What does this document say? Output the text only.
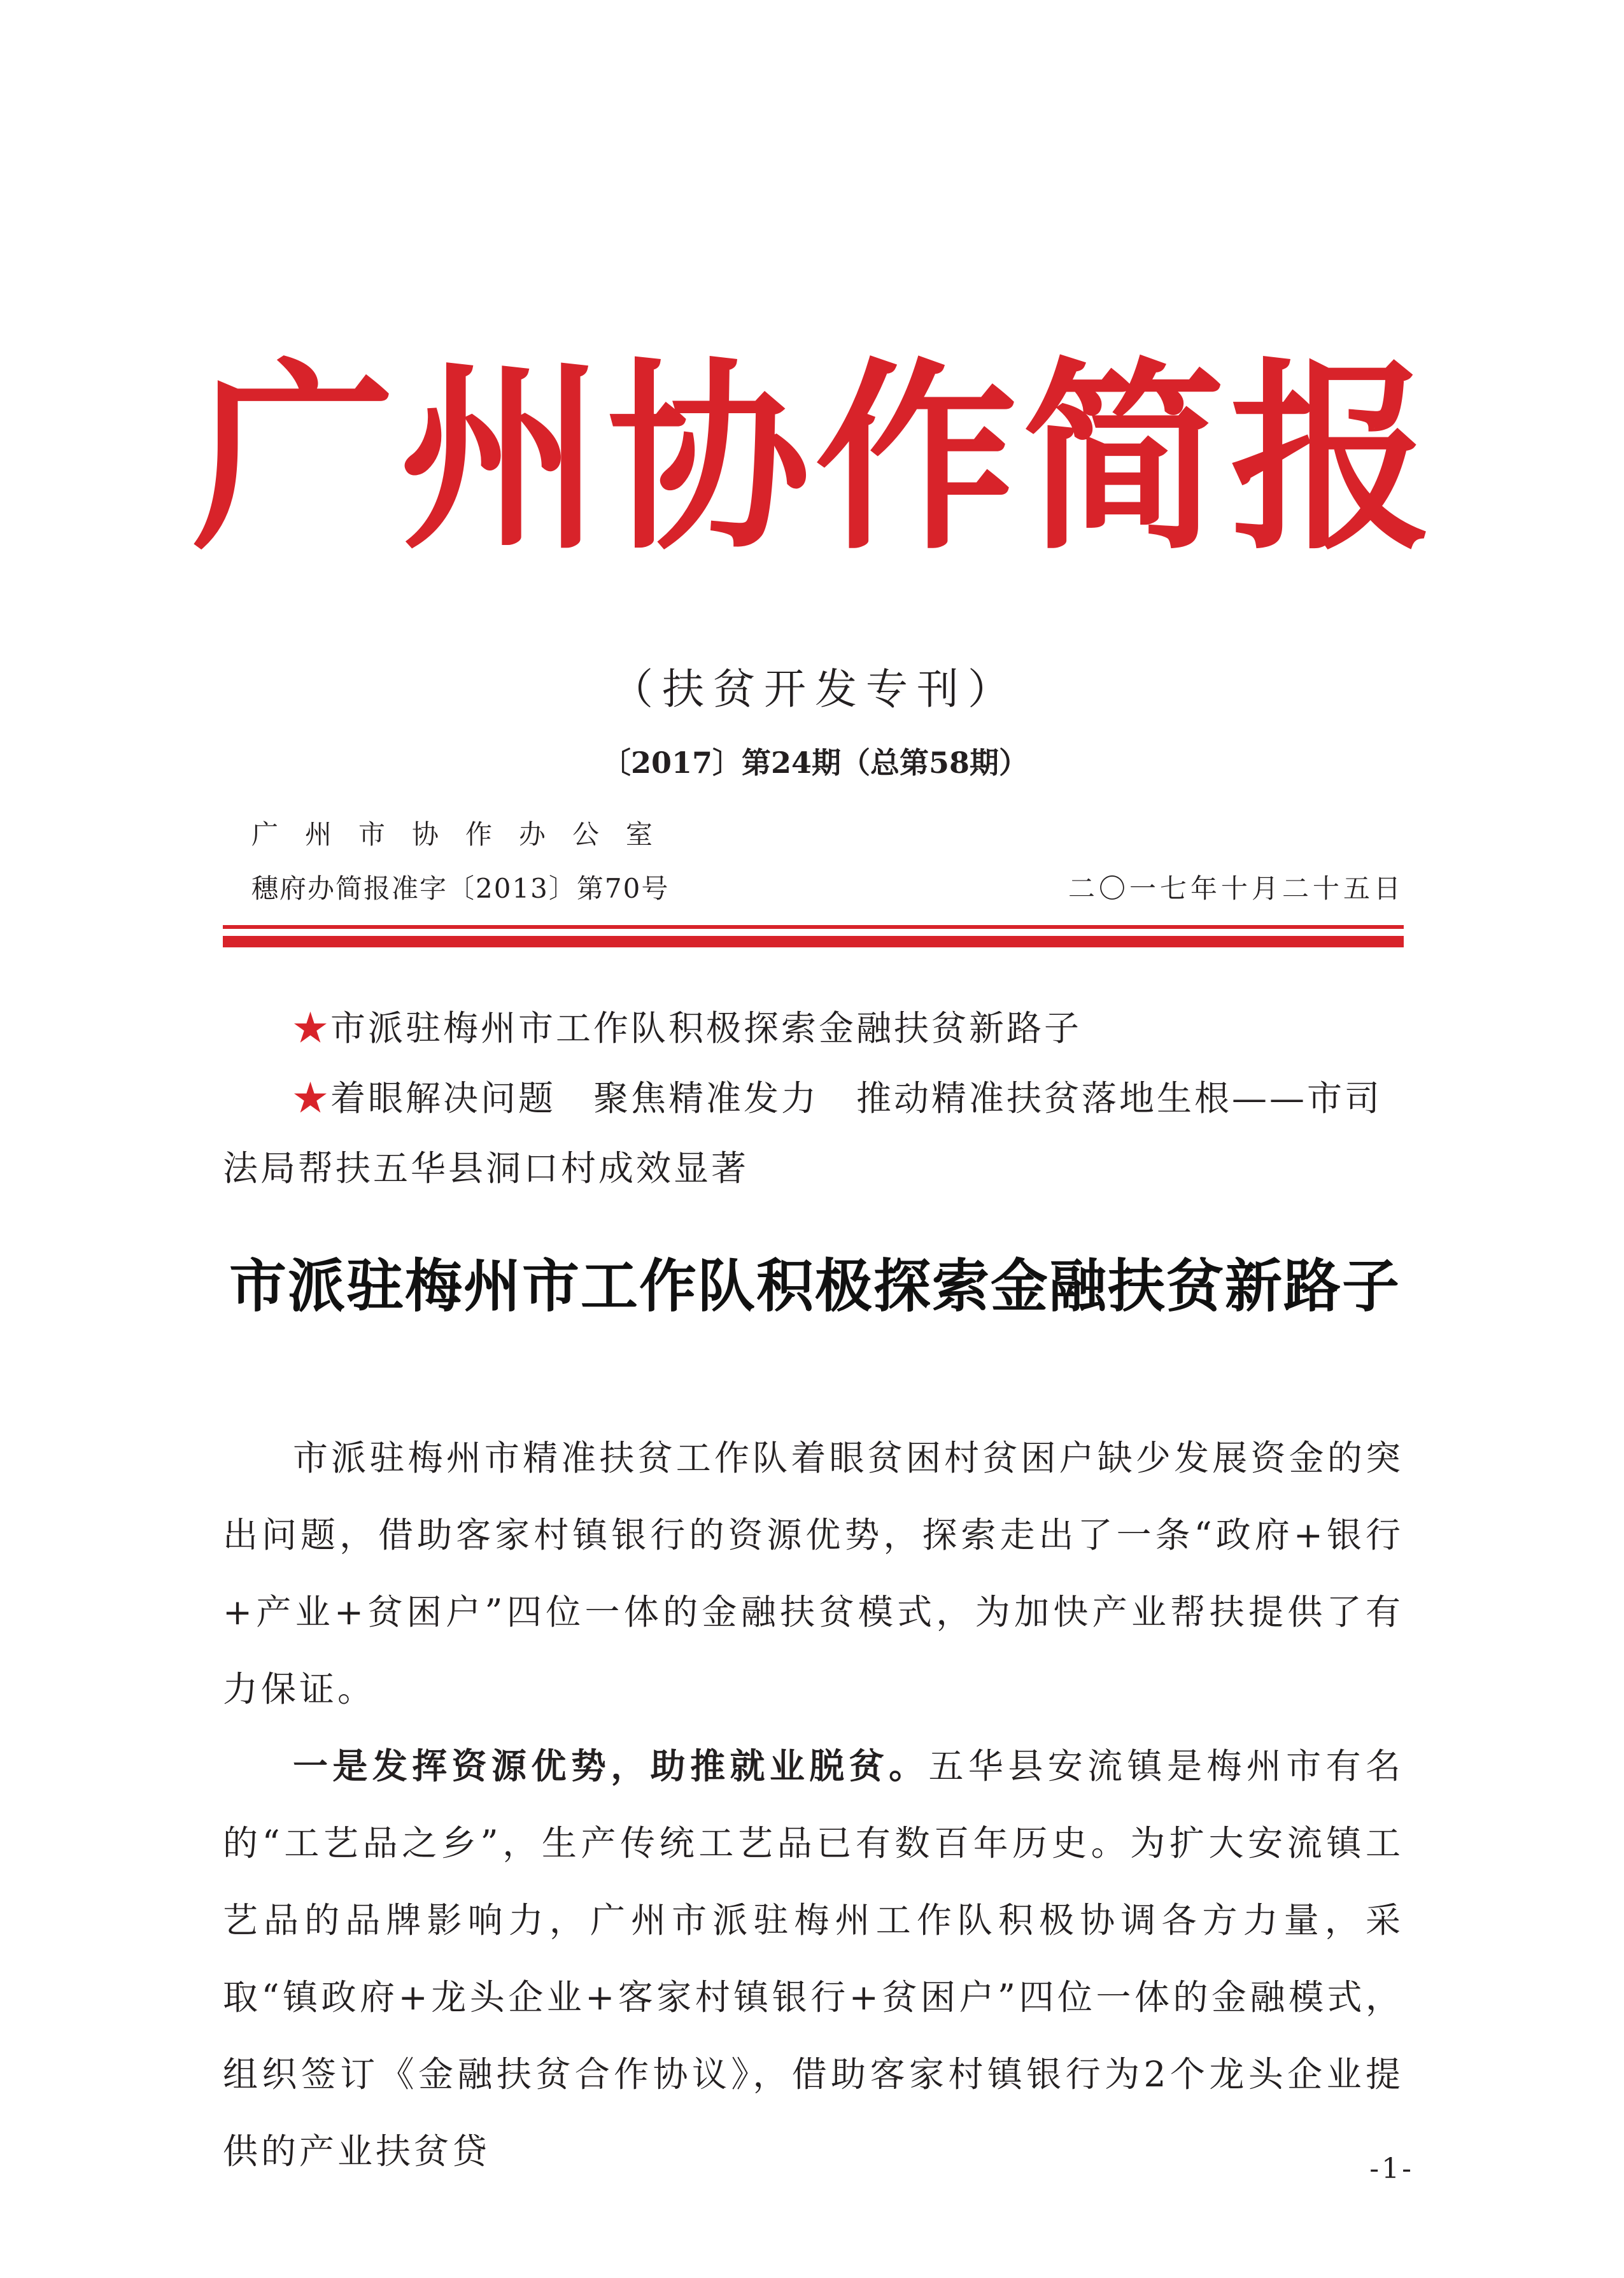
广州协作简报
（扶贫开发专刊）
〔2017〕第24期（总第58期）
广州市协作办公室
穗府办简报准字〔2013〕第70号	二〇一七年十月二十五日
★市派驻梅州市工作队积极探索金融扶贫新路子
★着眼解决问题　聚焦精准发力　推动精准扶贫落地生根——市司法局帮扶五华县洞口村成效显著
市派驻梅州市工作队积极探索金融扶贫新路子

市派驻梅州市精准扶贫工作队着眼贫困村贫困户缺少发展资金的突出问题，借助客家村镇银行的资源优势，探索走出了一条“政府+银行+产业+贫困户”四位一体的金融扶贫模式，为加快产业帮扶提供了有力保证。

一是发挥资源优势，助推就业脱贫。五华县安流镇是梅州市有名的“工艺品之乡”，生产传统工艺品已有数百年历史。为扩大安流镇工艺品的品牌影响力，广州市派驻梅州工作队积极协调各方力量，采取“镇政府+龙头企业+客家村镇银行+贫困户”四位一体的金融模式，组织签订《金融扶贫合作协议》，借助客家村镇银行为2个龙头企业提供的产业扶贫贷	-1-
